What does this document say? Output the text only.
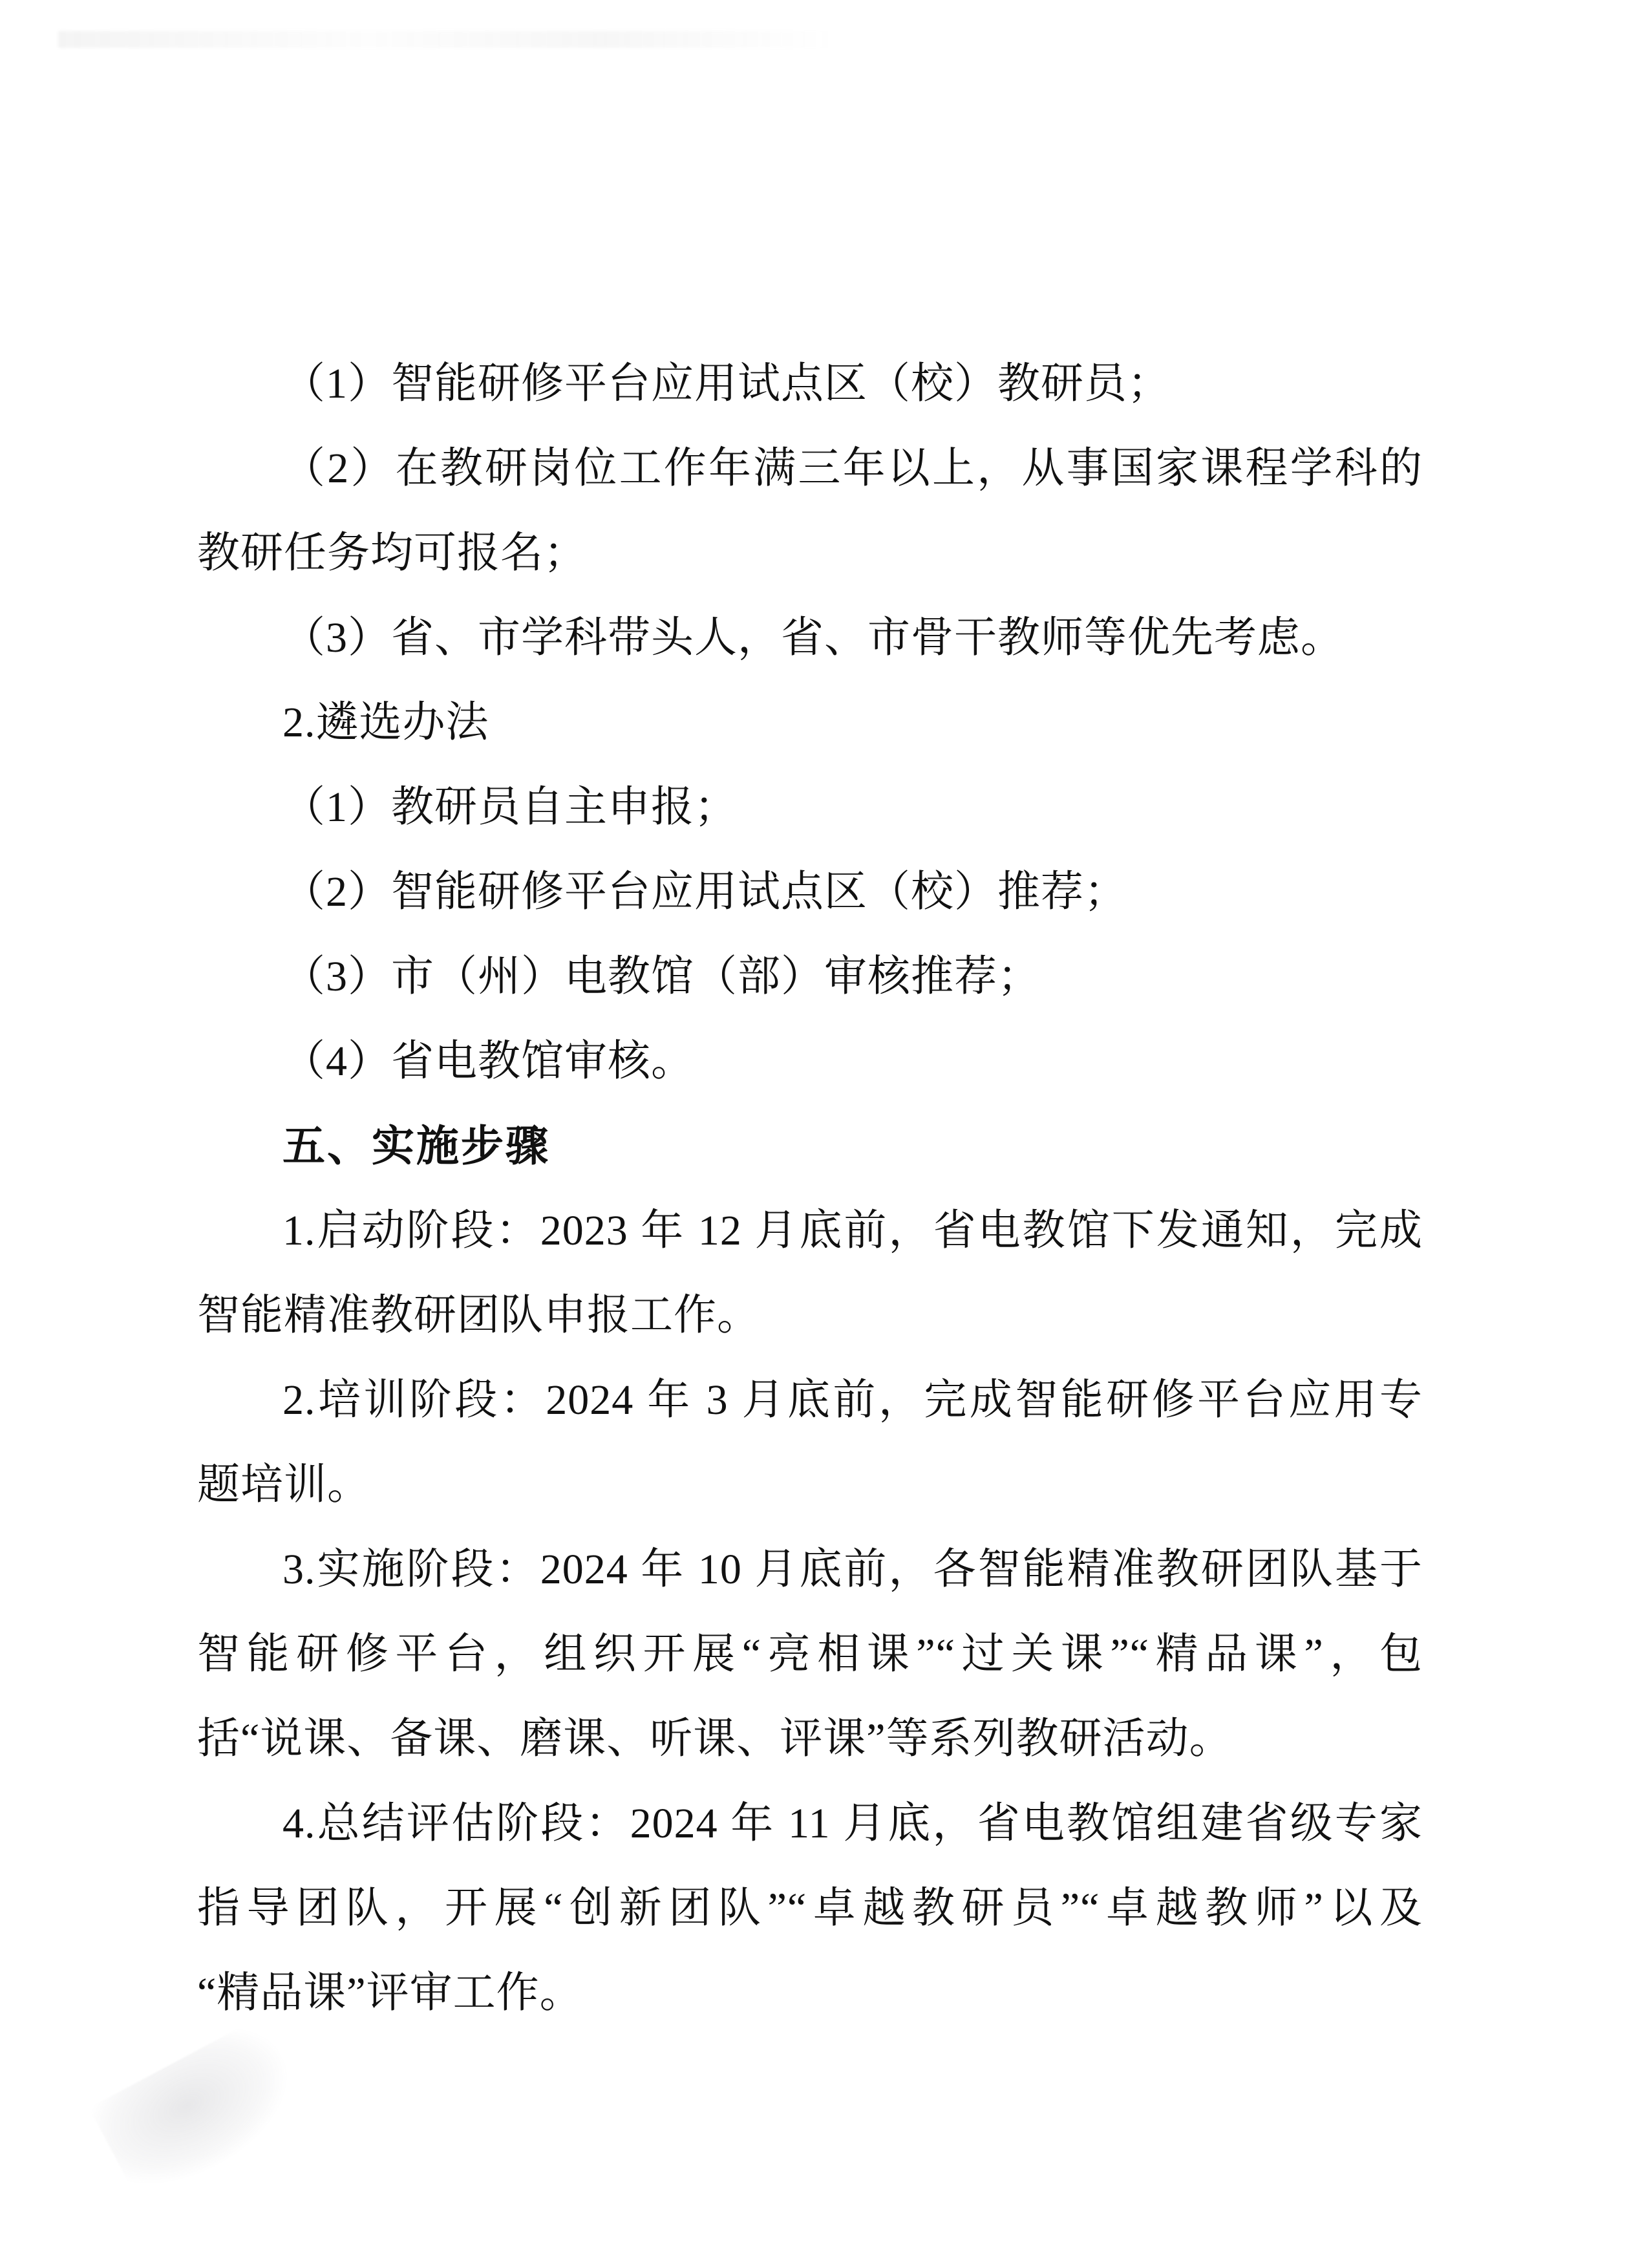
（1）智能研修平台应用试点区（校）教研员；
（2）在教研岗位工作年满三年以上，从事国家课程学科的
教研任务均可报名；
（3）省、市学科带头人，省、市骨干教师等优先考虑。
2.遴选办法
（1）教研员自主申报；
（2）智能研修平台应用试点区（校）推荐；
（3）市（州）电教馆（部）审核推荐；
（4）省电教馆审核。
五、实施步骤
1.启动阶段：2023 年 12 月底前，省电教馆下发通知，完成
智能精准教研团队申报工作。
2.培训阶段：2024 年 3 月底前，完成智能研修平台应用专
题培训。
3.实施阶段：2024 年 10 月底前，各智能精准教研团队基于
智能研修平台，组织开展“亮相课”“过关课”“精品课”，包
括“说课、备课、磨课、听课、评课”等系列教研活动。
4.总结评估阶段：2024 年 11 月底，省电教馆组建省级专家
指导团队，开展“创新团队”“卓越教研员”“卓越教师”以及
“精品课”评审工作。
